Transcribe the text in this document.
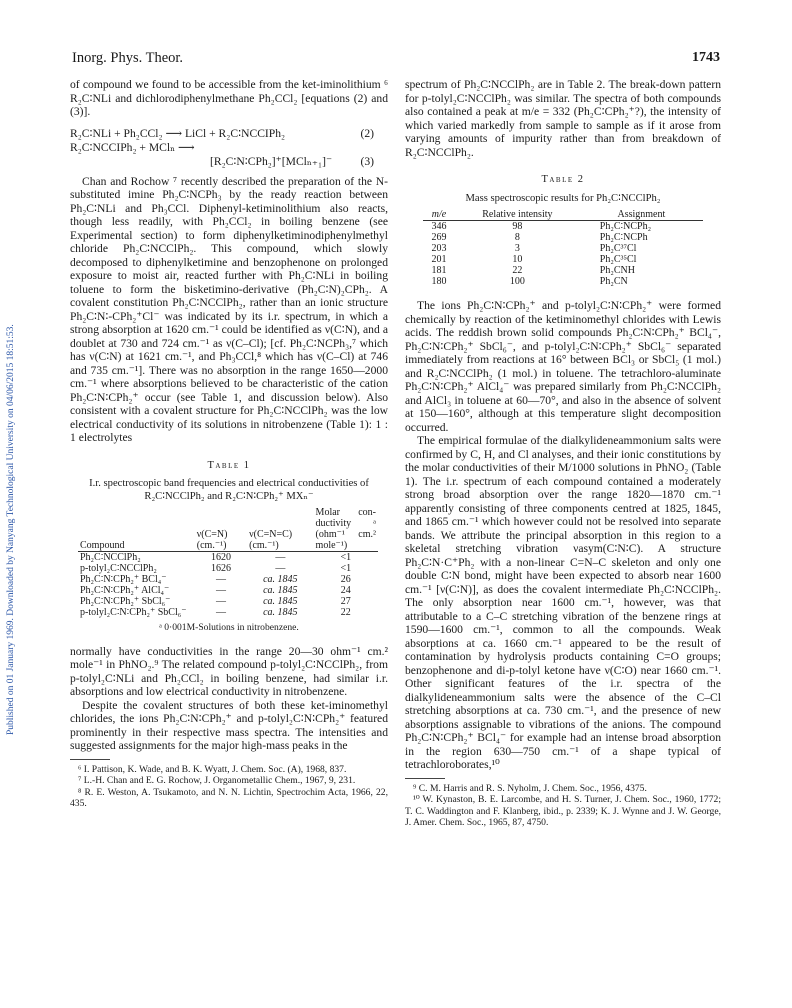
Published on 01 January 1969. Downloaded by Nanyang Technological University on 04/06/2015 18:51:53.
Inorg. Phys. Theor.	1743

of compound we found to be accessible from the ket-iminolithium ⁶ R₂C∶NLi and dichlorodiphenylmethane Ph₂CCl₂ [equations (2) and (3)].

R₂C∶NLi + Ph₂CCl₂ ⟶ LiCl + R₂C∶NCCIPh₂	(2)
R₂C∶NCCIPh₂ + MClₙ ⟶
[R₂C∶N∶CPh₂]⁺[MClₙ₊₁]⁻ (3)

Chan and Rochow ⁷ recently described the preparation of the N-substituted imine Ph₂C∶NCPh₃ by the ready reaction between Ph₂C∶NLi and Ph₃CCl. Diphenyl-ketiminolithium also reacts, though less readily, with Ph₂CCl₂ in boiling benzene (see Experimental section) to form diphenylketiminodiphenylmethyl chloride Ph₂C∶NCClPh₂. This compound, which slowly decomposed to diphenylketimine and benzophenone on prolonged exposure to moist air, reacted further with Ph₂C∶NLi in boiling toluene to form the bisketimino-derivative (Ph₂C∶N)₂CPh₂. A covalent constitution Ph₂C∶NCClPh₂, rather than an ionic structure Ph₂C∶N∶-CPh₂⁺Cl⁻ was indicated by its i.r. spectrum, in which a strong absorption at 1620 cm.⁻¹ could be identified as ν(C∶N), and a doublet at 730 and 724 cm.⁻¹ as ν(C–Cl); [cf. Ph₂C∶NCPh₃,⁷ which has ν(C∶N) at 1621 cm.⁻¹, and Ph₃CCl,⁸ which has ν(C–Cl) at 746 and 735 cm.⁻¹]. There was no absorption in the range 1650—2000 cm.⁻¹ where absorptions believed to be characteristic of the cation Ph₂C∶N∶CPh₂⁺ occur (see Table 1, and discussion below). Also consistent with a covalent structure for Ph₂C∶NCClPh₂ was the low electrical conductivity of its solutions in nitrobenzene (Table 1): 1 : 1 electrolytes

Table 1
I.r. spectroscopic band frequencies and electrical conductivities of R₂C∶NCClPh₂ and R₂C∶N∶CPh₂⁺ MXₙ⁻
Compound	ν(C=N) (cm.⁻¹)	ν(C=N=C) (cm.⁻¹)	Molar con-ductivity ᵃ (ohm⁻¹ cm.² mole⁻¹)
Ph₂C∶NCClPh₂	1620	—	<1
p-tolyl₂C∶NCClPh₂	1626	—	<1
Ph₂C∶N∶CPh₂⁺ BCl₄⁻	—	ca. 1845	26
Ph₂C∶N∶CPh₂⁺ AlCl₄⁻	—	ca. 1845	24
Ph₂C∶N∶CPh₂⁺ SbCl₆⁻	—	ca. 1845	27
p-tolyl₂C∶N∶CPh₂⁺ SbCl₆⁻	—	ca. 1845	22
ᵃ 0·001M-Solutions in nitrobenzene.

normally have conductivities in the range 20—30 ohm⁻¹ cm.² mole⁻¹ in PhNO₂.⁹ The related compound p-tolyl₂C∶NCClPh₂, from p-tolyl₂C∶NLi and Ph₂CCl₂ in boiling benzene, had similar i.r. absorptions and low electrical conductivity in nitrobenzene.

Despite the covalent structures of both these ket-iminomethyl chlorides, the ions Ph₂C∶N∶CPh₂⁺ and p-tolyl₂C∶N∶CPh₂⁺ featured prominently in their respective mass spectra. The intensities and suggested assignments for the major high-mass peaks in the

⁶ I. Pattison, K. Wade, and B. K. Wyatt, J. Chem. Soc. (A), 1968, 837.

⁷ L.-H. Chan and E. G. Rochow, J. Organometallic Chem., 1967, 9, 231.

⁸ R. E. Weston, A. Tsukamoto, and N. N. Lichtin, Spectrochim Acta, 1966, 22, 435.

spectrum of Ph₂C∶NCClPh₂ are in Table 2. The break-down pattern for p-tolyl₂C∶NCClPh₂ was similar. The spectra of both compounds also contained a peak at m/e = 332 (Ph₂C∶CPh₂⁺?), the intensity of which varied markedly from sample to sample as if it arose from varying amounts of impurity rather than from breakdown of R₂C∶NCClPh₂.

Table 2
Mass spectroscopic results for Ph₂C∶NCClPh₂
m/e	Relative intensity	Assignment
346	98	Ph₂C∶NCPh₂
269	8	Ph₂C∶NCPh
203	3	Ph₂C³⁷Cl
201	10	Ph₂C³⁵Cl
181	22	Ph₂CNH
180	100	Ph₂CN

The ions Ph₂C∶N∶CPh₂⁺ and p-tolyl₂C∶N∶CPh₂⁺ were formed chemically by reaction of the ketiminomethyl chlorides with Lewis acids. The reddish brown solid compounds Ph₂C∶N∶CPh₂⁺ BCl₄⁻, Ph₂C∶N∶CPh₂⁺ SbCl₆⁻, and p-tolyl₂C∶N∶CPh₂⁺ SbCl₆⁻ separated immediately from reactions at 16° between BCl₃ or SbCl₅ (1 mol.) and R₂C∶NCClPh₂ (1 mol.) in toluene. The tetrachloro-aluminate Ph₂C∶N∶CPh₂⁺ AlCl₄⁻ was prepared similarly from Ph₂C∶NCClPh₂ and AlCl₃ in toluene at 60—70°, and also in the absence of solvent at 150—160°, although at this temperature slight decomposition occurred.

The empirical formulae of the dialkylideneammonium salts were confirmed by C, H, and Cl analyses, and their ionic constitutions by the molar conductivities of their M/1000 solutions in PhNO₂ (Table 1). The i.r. spectrum of each compound contained a moderately strong broad absorption over the range 1820—1870 cm.⁻¹ apparently consisting of three components centred at 1825, 1845, and 1865 cm.⁻¹ which however could not be resolved into separate bands. We attribute the principal absorption in this region to a skeletal stretching vibration νasym(C∶N∶C). A structure Ph₂C∶N·C⁺Ph₂ with a non-linear C=N–C skeleton and only one double C∶N bond, might have been expected to absorb near 1600 cm.⁻¹ [ν(C∶N)], as does the covalent intermediate Ph₂C∶NCClPh₂. The only absorption near 1600 cm.⁻¹, however, was that attributable to a C–C stretching vibration of the benzene rings at 1590—1600 cm.⁻¹, common to all the compounds. Weak absorptions at ca. 1660 cm.⁻¹ appeared to be the result of contamination by hydrolysis products containing C=O groups; benzophenone and di-p-tolyl ketone have ν(C∶O) near 1660 cm.⁻¹. Other significant features of the i.r. spectra of the dialkylideneammonium salts were the absence of the C–Cl stretching absorptions at ca. 730 cm.⁻¹, and the presence of new absorptions assignable to vibrations of the anions. The compound Ph₂C∶N∶CPh₂⁺ BCl₄⁻ for example had an intense broad absorption in the region 630—750 cm.⁻¹ of a shape typical of tetrachloroborates,¹⁰

⁹ C. M. Harris and R. S. Nyholm, J. Chem. Soc., 1956, 4375.

¹⁰ W. Kynaston, B. E. Larcombe, and H. S. Turner, J. Chem. Soc., 1960, 1772; T. C. Waddington and F. Klanberg, ibid., p. 2339; K. J. Wynne and J. W. George, J. Amer. Chem. Soc., 1965, 87, 4750.
